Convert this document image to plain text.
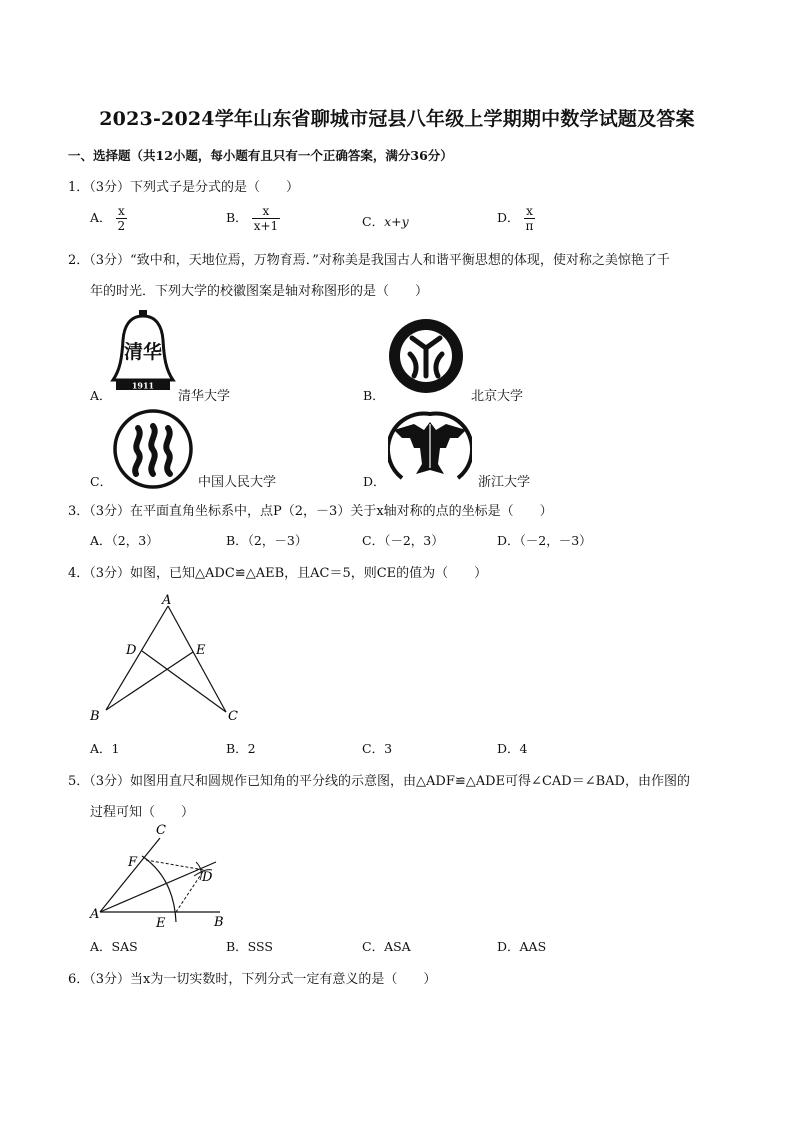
2023-2024学年山东省聊城市冠县八年级上学期期中数学试题及答案
一、选择题（共12小题，每小题有且只有一个正确答案，满分36分）
1．（3分）下列式子是分式的是（　　）
A． $\frac{x}{2}$	B． $\frac{x}{x+1}$	C．x+y	D． $\frac{x}{\pi}$
2．（3分）“致中和，天地位焉，万物育焉．”对称美是我国古人和谐平衡思想的体现，使对称之美惊艳了千
年的时光．下列大学的校徽图案是轴对称图形的是（　　）
A．
清华
1911
清华大学	B．	北京大学
C．	中国人民大学	D．	浙江大学
3．（3分）在平面直角坐标系中，点P（2，－3）关于x轴对称的点的坐标是（　　）
A．（2，3）	B．（2，－3）	C．（－2，3）	D．（－2，－3）
4．（3分）如图，已知△ADC≌△AEB，且AC＝5，则CE的值为（　　）
A
D	E
B	C
A．1	B．2	C．3	D．4
5．（3分）如图用直尺和圆规作已知角的平分线的示意图，由△ADF≌△ADE可得∠CAD＝∠BAD，由作图的
过程可知（　　）
C
F
D
A
E	B
A．SAS	B．SSS	C．ASA	D．AAS
6．（3分）当x为一切实数时，下列分式一定有意义的是（　　）
